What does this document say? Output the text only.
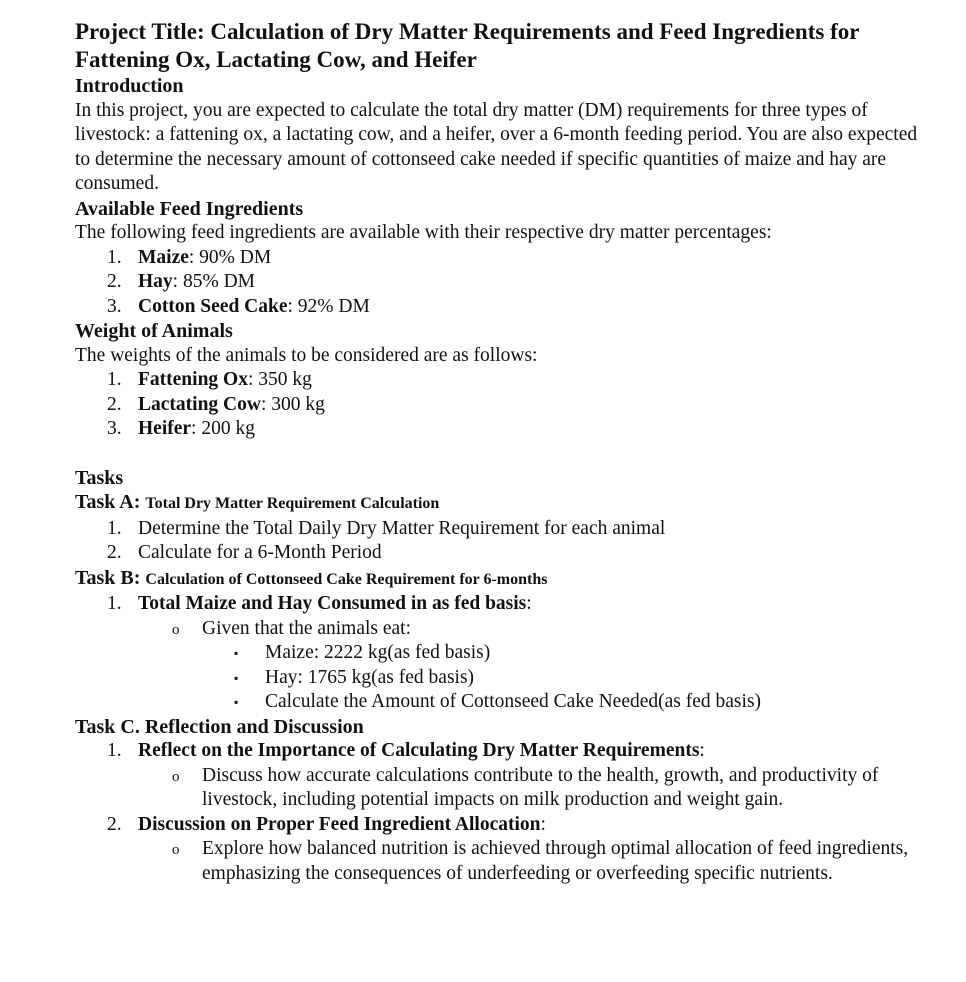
Project Title: Calculation of Dry Matter Requirements and Feed Ingredients for Fattening Ox, Lactating Cow, and Heifer

Introduction

In this project, you are expected to calculate the total dry matter (DM) requirements for three types of livestock: a fattening ox, a lactating cow, and a heifer, over a 6-month feeding period. You are also expected to determine the necessary amount of cottonseed cake needed if specific quantities of maize and hay are consumed.

Available Feed Ingredients

The following feed ingredients are available with their respective dry matter percentages:

1. Maize: 90% DM
2. Hay: 85% DM
3. Cotton Seed Cake: 92% DM

Weight of Animals

The weights of the animals to be considered are as follows:

1. Fattening Ox: 350 kg
2. Lactating Cow: 300 kg
3. Heifer: 200 kg

Tasks

Task A: Total Dry Matter Requirement Calculation

1. Determine the Total Daily Dry Matter Requirement for each animal
2. Calculate for a 6-Month Period

Task B: Calculation of Cottonseed Cake Requirement for 6-months

1. Total Maize and Hay Consumed in as fed basis:
o Given that the animals eat:
▪ Maize: 2222 kg(as fed basis)
▪ Hay: 1765 kg(as fed basis)
▪ Calculate the Amount of Cottonseed Cake Needed(as fed basis)

Task C. Reflection and Discussion

1. Reflect on the Importance of Calculating Dry Matter Requirements:
o Discuss how accurate calculations contribute to the health, growth, and productivity of livestock, including potential impacts on milk production and weight gain.
2. Discussion on Proper Feed Ingredient Allocation:
o Explore how balanced nutrition is achieved through optimal allocation of feed ingredients, emphasizing the consequences of underfeeding or overfeeding specific nutrients.
